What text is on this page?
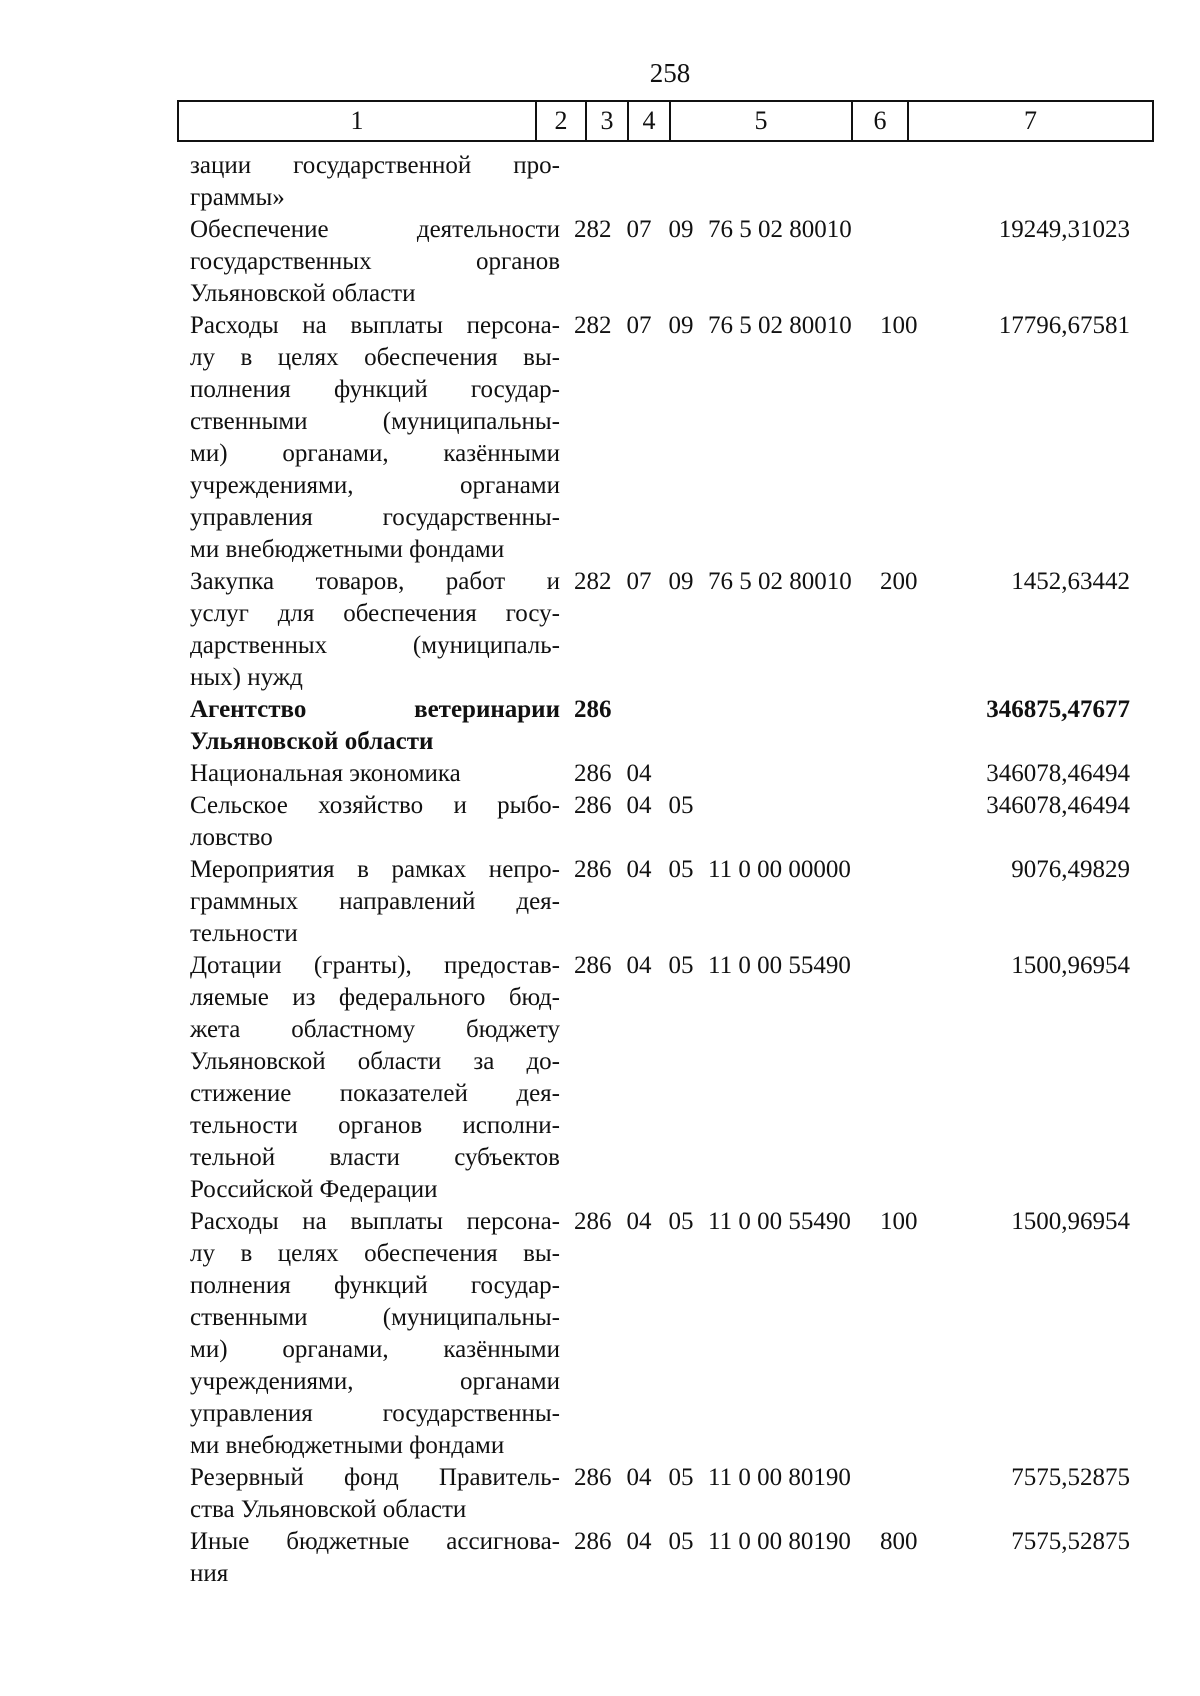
258
1	2	3	4	5	6	7
зации государственной про-
граммы»
Обеспечение деятельности
государственных органов
Ульяновской области
282 07 09 76 5 02 80010	19249,31023
Расходы на выплаты персона-
лу в целях обеспечения вы-
полнения функций государ-
ственными (муниципальны-
ми) органами, казёнными
учреждениями, органами
управления государственны-
ми внебюджетными фондами
282 07 09 76 5 02 80010	100	17796,67581
Закупка товаров, работ и
услуг для обеспечения госу-
дарственных (муниципаль-
ных) нужд
282 07 09 76 5 02 80010	200	1452,63442
Агентство ветеринарии
Ульяновской области
286	346875,47677
Национальная экономика	286 04	346078,46494
Сельское хозяйство и рыбо-
ловство
286 04 05	346078,46494
Мероприятия в рамках непро-
граммных направлений дея-
тельности
286 04 05 11 0 00 00000	9076,49829
Дотации (гранты), предостав-
ляемые из федерального бюд-
жета областному бюджету
Ульяновской области за до-
стижение показателей дея-
тельности органов исполни-
тельной власти субъектов
Российской Федерации
286 04 05 11 0 00 55490	1500,96954
Расходы на выплаты персона-
лу в целях обеспечения вы-
полнения функций государ-
ственными (муниципальны-
ми) органами, казёнными
учреждениями, органами
управления государственны-
ми внебюджетными фондами
286 04 05 11 0 00 55490	100	1500,96954
Резервный фонд Правитель-
ства Ульяновской области
286 04 05 11 0 00 80190	7575,52875
Иные бюджетные ассигнова-
ния
286 04 05 11 0 00 80190	800	7575,52875
